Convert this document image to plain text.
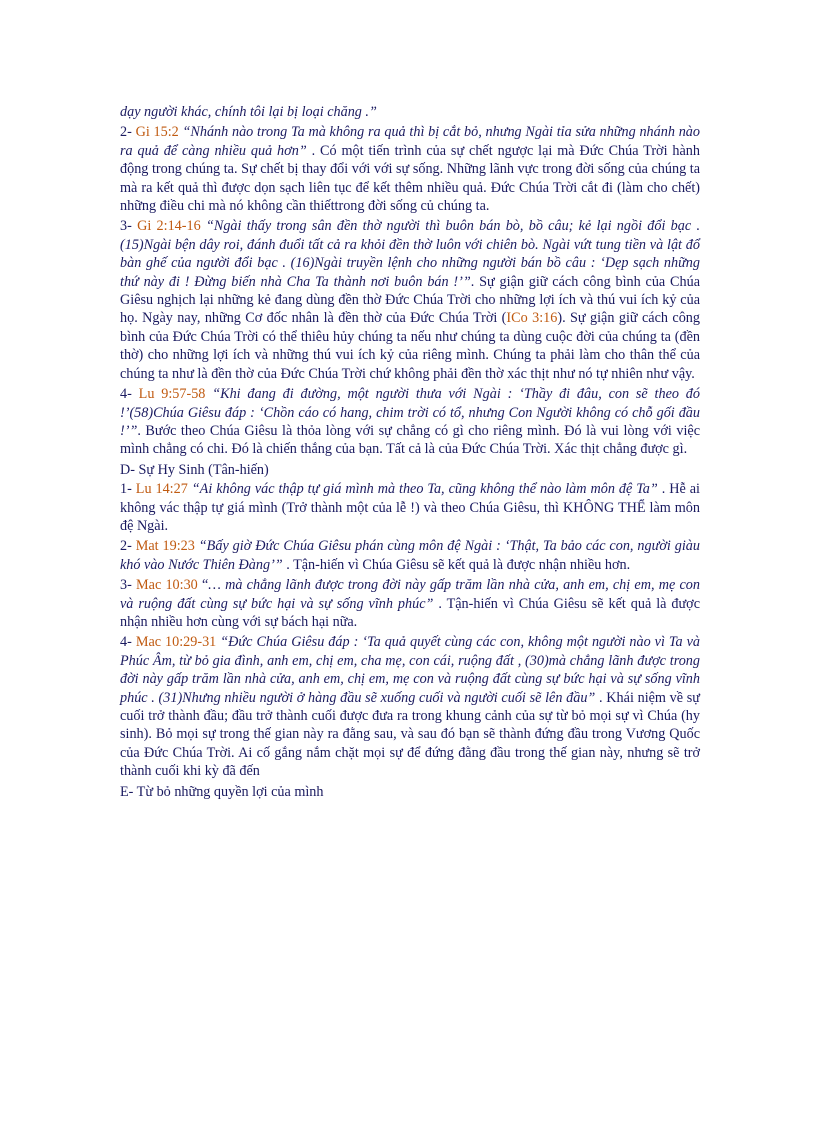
dạy người khác, chính tôi lại bị loại chăng .”

2- Gi 15:2 “Nhánh nào trong Ta mà không ra quả thì bị cắt bỏ, nhưng Ngài tỉa sửa những nhánh nào ra quả để càng nhiều quả hơn” . Có một tiến trình của sự chết ngược lại mà Đức Chúa Trời hành động trong chúng ta. Sự chết bị thay đổi với với sự sống. Những lãnh vực trong đời sống của chúng ta mà ra kết quả thì được dọn sạch liên tục để kết thêm nhiều quả. Đức Chúa Trời cắt đi (làm cho chết) những điều chi mà nó không cần thiếttrong đời sống củ chúng ta.

3- Gi 2:14-16 “Ngài thấy trong sân đền thờ người thì buôn bán bò, bồ câu; kẻ lại ngồi đổi bạc .(15)Ngài bện dây roi, đánh đuổi tất cả ra khỏi đền thờ luôn với chiên bò. Ngài vứt tung tiền và lật đổ bàn ghế của người đổi bạc . (16)Ngài truyền lệnh cho những người bán bồ câu : ‘Dẹp sạch những thứ này đi ! Đừng biến nhà Cha Ta thành nơi buôn bán !’”. Sự giận giữ cách công bình của Chúa Giêsu nghịch lại những kẻ đang dùng đền thờ Đức Chúa Trời cho những lợi ích và thú vui ích kỷ của họ. Ngày nay, những Cơ đốc nhân là đền thờ của Đức Chúa Trời (ICo 3:16). Sự giận giữ cách công bình của Đức Chúa Trời có thể thiêu hủy chúng ta nếu như chúng ta dùng cuộc đời của chúng ta (đền thờ) cho những lợi ích và những thú vui ích kỷ của riêng mình. Chúng ta phải làm cho thân thể của chúng ta như là đền thờ của Đức Chúa Trời chứ không phải đền thờ xác thịt như nó tự nhiên như vậy.

4- Lu 9:57-58 “Khi đang đi đường, một người thưa với Ngài : ‘Thầy đi đâu, con sẽ theo đó !’(58)Chúa Giêsu đáp : ‘Chồn cáo có hang, chim trời có tổ, nhưng Con Người không có chỗ gối đầu !’”. Bước theo Chúa Giêsu là thỏa lòng với sự chẳng có gì cho riêng mình. Đó là vui lòng với việc mình chẳng có chi. Đó là chiến thắng của bạn. Tất cả là của Đức Chúa Trời. Xác thịt chẳng được gì.

D- Sự Hy Sinh (Tân-hiến)

1- Lu 14:27 “Ai không vác thập tự giá mình mà theo Ta, cũng không thể nào làm môn đệ Ta” . Hễ ai không vác thập tự giá mình (Trở thành một của lễ !) và theo Chúa Giêsu, thì KHÔNG THỂ làm môn đệ Ngài.

2- Mat 19:23 “Bấy giờ Đức Chúa Giêsu phán cùng môn đệ Ngài : ‘Thật, Ta bảo các con, người giàu khó vào Nước Thiên Đàng’” . Tận-hiến vì Chúa Giêsu sẽ kết quả là được nhận nhiều hơn.

3- Mac 10:30 “… mà chẳng lãnh được trong đời này gấp trăm lần nhà cửa, anh em, chị em, mẹ con và ruộng đất cùng sự bức hại và sự sống vĩnh phúc” . Tận-hiến vì Chúa Giêsu sẽ kết quả là được nhận nhiều hơn cùng với sự bách hại nữa.

4- Mac 10:29-31 “Đức Chúa Giêsu đáp : ‘Ta quả quyết cùng các con, không một người nào vì Ta và Phúc Âm, từ bỏ gia đình, anh em, chị em, cha mẹ, con cái, ruộng đất , (30)mà chẳng lãnh được trong đời này gấp trăm lần nhà cửa, anh em, chị em, mẹ con và ruộng đất cùng sự bức hại và sự sống vĩnh phúc . (31)Nhưng nhiều người ở hàng đầu sẽ xuống cuối và người cuối sẽ lên đầu” . Khái niệm về sự cuối trở thành đầu; đầu trở thành cuối được đưa ra trong khung cảnh của sự từ bỏ mọi sự vì Chúa (hy sinh). Bỏ mọi sự trong thế gian này ra đằng sau, và sau đó bạn sẽ thành đứng đầu trong Vương Quốc của Đức Chúa Trời. Ai cố gắng nắm chặt mọi sự để đứng đằng đầu trong thế gian này, nhưng sẽ trở thành cuối khi kỳ đã đến

E- Từ bỏ những quyền lợi của mình
